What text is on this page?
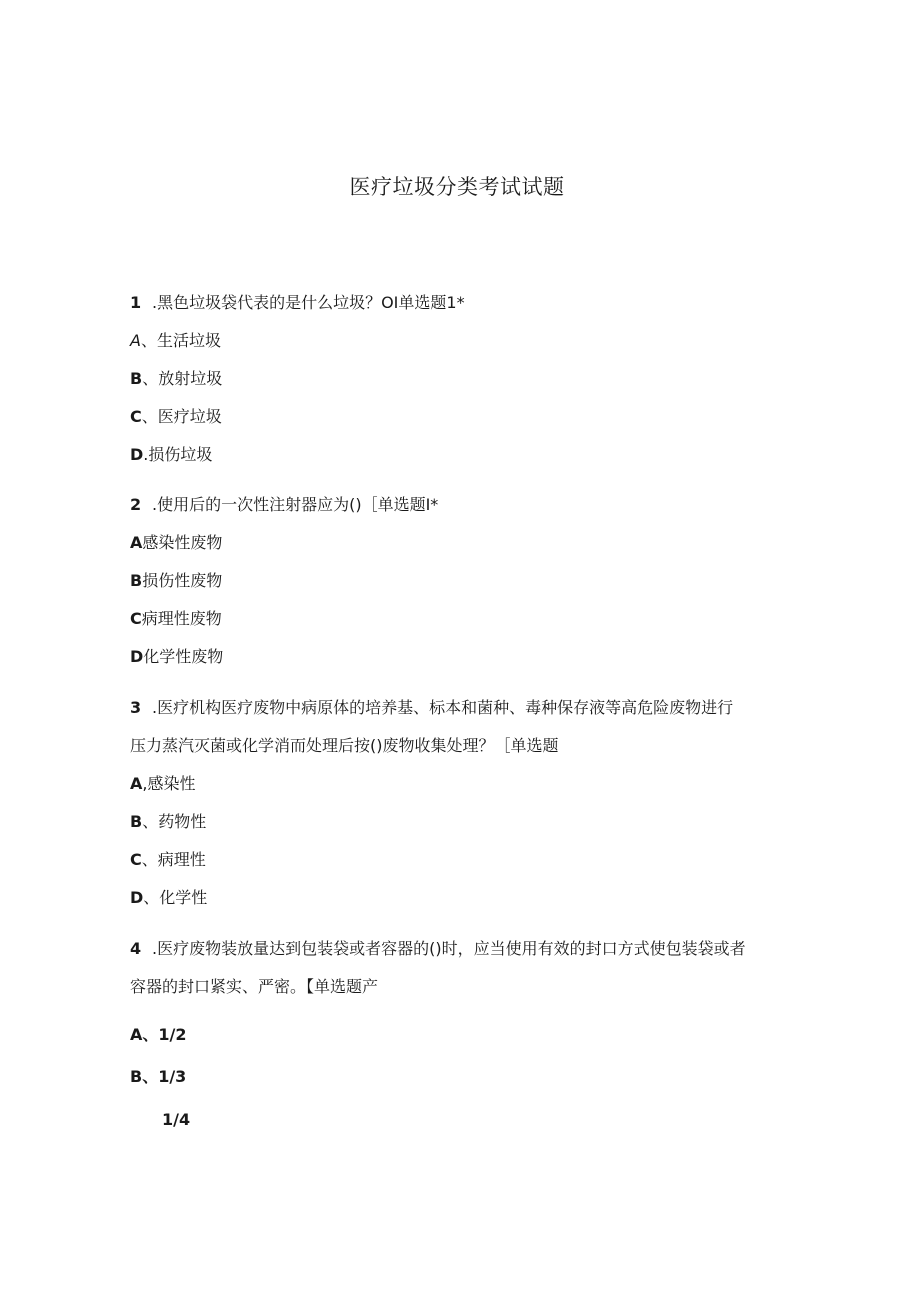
医疗垃圾分类考试试题
1 .黑色垃圾袋代表的是什么垃圾？OI单选题1*
A、生活垃圾
B、放射垃圾
C、医疗垃圾
D.损伤垃圾
2 .使用后的一次性注射器应为()［单选题I*
A感染性废物
B损伤性废物
C病理性废物
D化学性废物
3 .医疗机构医疗废物中病原体的培养基、标本和菌种、毒种保存液等高危险废物进行
压力蒸汽灭菌或化学消而处理后按()废物收集处理？［单选题
A,感染性
B、药物性
C、病理性
D、化学性
4 .医疗废物装放量达到包装袋或者容器的()时，应当使用有效的封口方式使包装袋或者
容器的封口紧实、严密。【单选题产
A、1/2
B、1/3
1/4
